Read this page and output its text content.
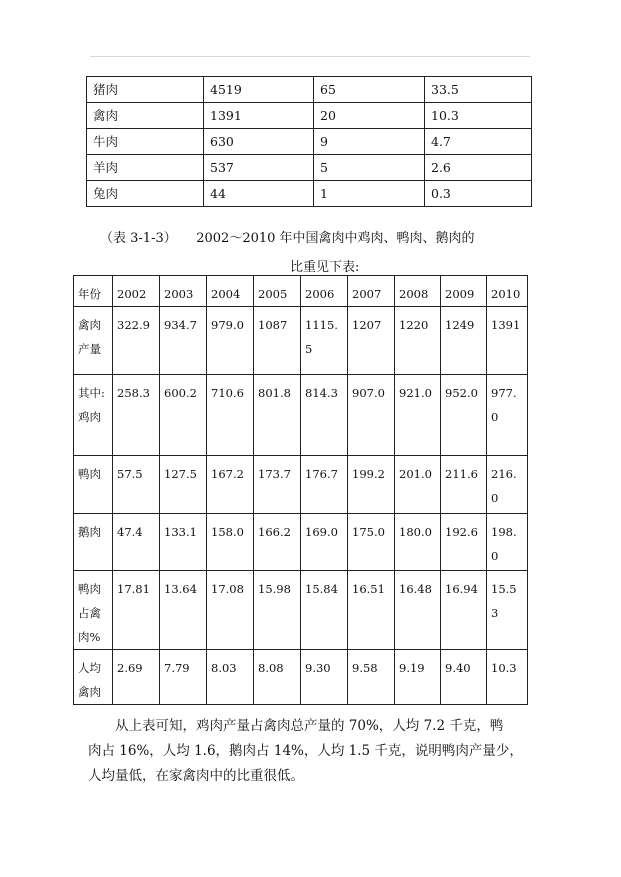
猪肉	4519	65	33.5
禽肉	1391	20	10.3
牛肉	630	9	4.7
羊肉	537	5	2.6
兔肉	44	1	0.3
（表 3-1-3）　　2002～2010 年中国禽肉中鸡肉、鸭肉、鹅肉的
比重见下表:
年份	2002	2003	2004	2005	2006	2007	2008	2009	2010
禽肉产量	322.9	934.7	979.0	1087	1115.5	1207	1220	1249	1391
其中:鸡肉	258.3	600.2	710.6	801.8	814.3	907.0	921.0	952.0	977.0
鸭肉	57.5	127.5	167.2	173.7	176.7	199.2	201.0	211.6	216.0
鹅肉	47.4	133.1	158.0	166.2	169.0	175.0	180.0	192.6	198.0
鸭肉占禽肉%	17.81	13.64	17.08	15.98	15.84	16.51	16.48	16.94	15.53
人均禽肉	2.69	7.79	8.03	8.08	9.30	9.58	9.19	9.40	10.3

　　从上表可知，鸡肉产量占禽肉总产量的 70%，人均 7.2 千克，鸭

肉占 16%，人均 1.6，鹅肉占 14%，人均 1.5 千克，说明鸭肉产量少，

人均量低，在家禽肉中的比重很低。
